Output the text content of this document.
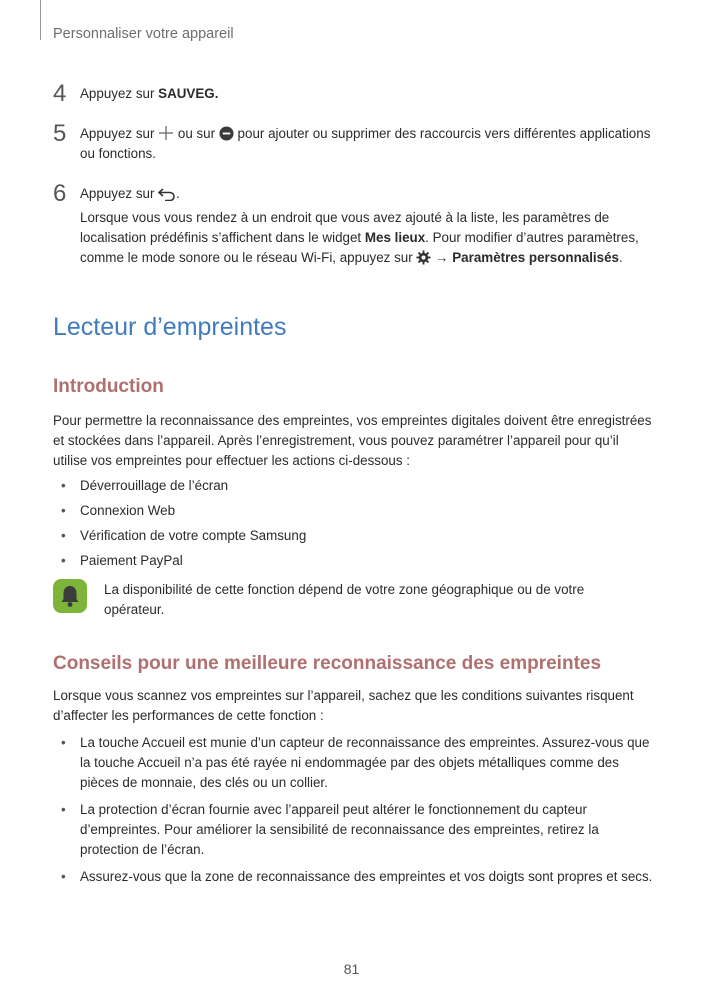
Personnaliser votre appareil
4 Appuyez sur SAUVEG.
5 Appuyez sur  ou sur  pour ajouter ou supprimer des raccourcis vers différentes applications ou fonctions.
6 Appuyez sur .
Lorsque vous vous rendez à un endroit que vous avez ajouté à la liste, les paramètres de localisation prédéfinis s’affichent dans le widget Mes lieux. Pour modifier d’autres paramètres, comme le mode sonore ou le réseau Wi-Fi, appuyez sur  → Paramètres personnalisés.
Lecteur d’empreintes
Introduction
Pour permettre la reconnaissance des empreintes, vos empreintes digitales doivent être enregistrées et stockées dans l’appareil. Après l’enregistrement, vous pouvez paramétrer l’appareil pour qu’il utilise vos empreintes pour effectuer les actions ci-dessous :
• Déverrouillage de l’écran
• Connexion Web
• Vérification de votre compte Samsung
• Paiement PayPal
La disponibilité de cette fonction dépend de votre zone géographique ou de votre opérateur.
Conseils pour une meilleure reconnaissance des empreintes
Lorsque vous scannez vos empreintes sur l’appareil, sachez que les conditions suivantes risquent d’affecter les performances de cette fonction :
• La touche Accueil est munie d’un capteur de reconnaissance des empreintes. Assurez-vous que la touche Accueil n’a pas été rayée ni endommagée par des objets métalliques comme des pièces de monnaie, des clés ou un collier.
• La protection d’écran fournie avec l’appareil peut altérer le fonctionnement du capteur d’empreintes. Pour améliorer la sensibilité de reconnaissance des empreintes, retirez la protection de l’écran.
• Assurez-vous que la zone de reconnaissance des empreintes et vos doigts sont propres et secs.
81
